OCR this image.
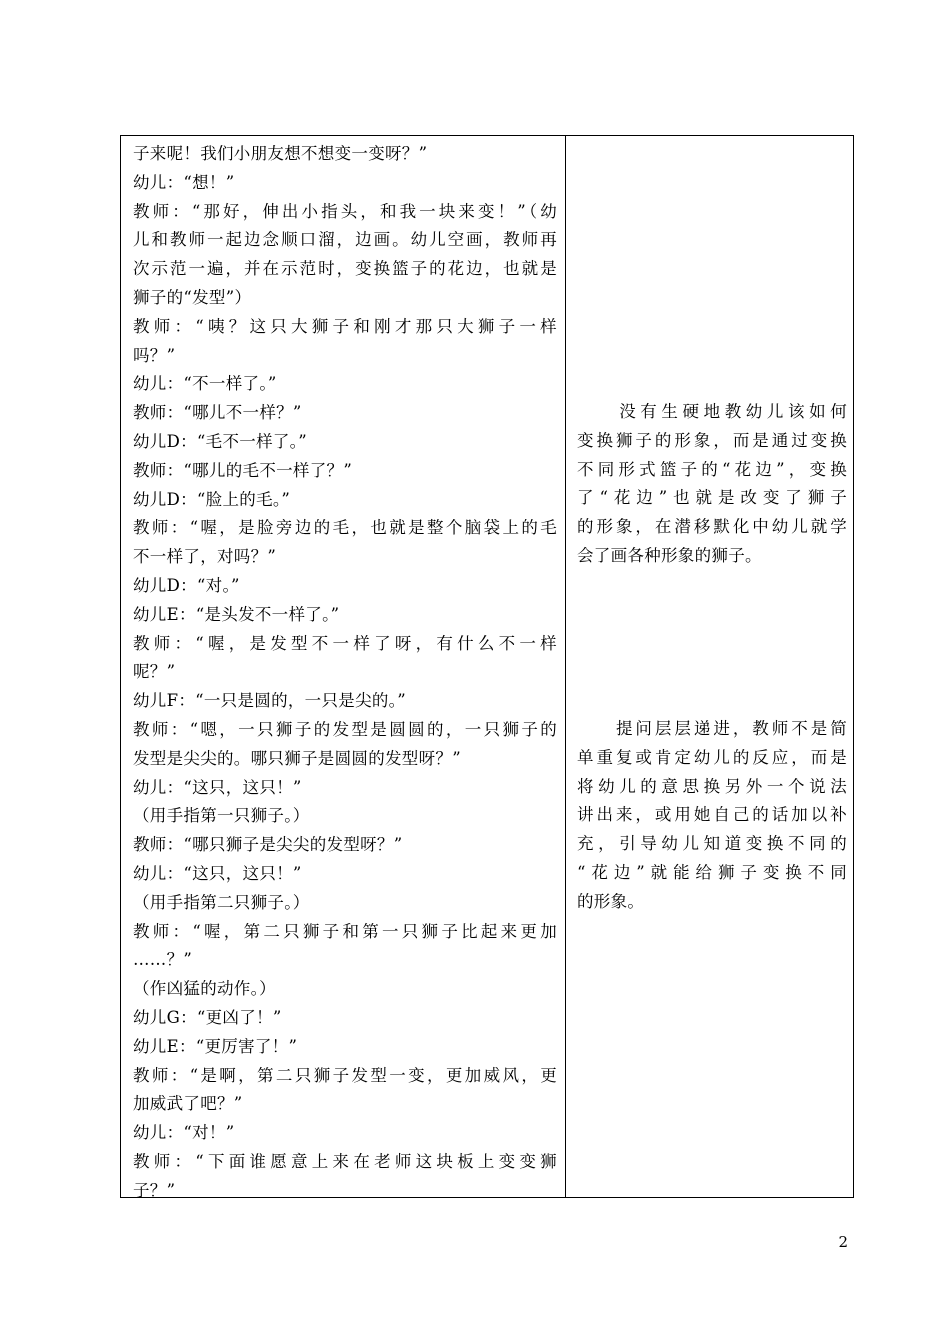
子来呢！我们小朋友想不想变一变呀？”
幼儿：“想！”
教师：“那好，伸出小指头，和我一块来变！”（幼
儿和教师一起边念顺口溜，边画。幼儿空画，教师再
次示范一遍，并在示范时，变换篮子的花边，也就是
狮子的“发型”）
教师：“咦？这只大狮子和刚才那只大狮子一样
吗？”
幼儿：“不一样了。”
教师：“哪儿不一样？”
幼儿D：“毛不一样了。”
教师：“哪儿的毛不一样了？”
幼儿D：“脸上的毛。”
教师：“喔，是脸旁边的毛，也就是整个脑袋上的毛
不一样了，对吗？”
幼儿D：“对。”
幼儿E：“是头发不一样了。”
教师：“喔，是发型不一样了呀，有什么不一样
呢？”
幼儿F：“一只是圆的，一只是尖的。”
教师：“嗯，一只狮子的发型是圆圆的，一只狮子的
发型是尖尖的。哪只狮子是圆圆的发型呀？”
幼儿：“这只，这只！”
（用手指第一只狮子。）
教师：“哪只狮子是尖尖的发型呀？”
幼儿：“这只，这只！”
（用手指第二只狮子。）
教师：“喔，第二只狮子和第一只狮子比起来更加
……？”
（作凶猛的动作。）
幼儿G：“更凶了！”
幼儿E：“更厉害了！”
教师：“是啊，第二只狮子发型一变，更加威风，更
加威武了吧？”
幼儿：“对！”
教师：“下面谁愿意上来在老师这块板上变变狮
子？”
　　没有生硬地教幼儿该如何
变换狮子的形象，而是通过变换
不同形式篮子的“花边”，变换
了“花边”也就是改变了狮子
的形象，在潜移默化中幼儿就学
会了画各种形象的狮子。
　　提问层层递进，教师不是简
单重复或肯定幼儿的反应，而是
将幼儿的意思换另外一个说法
讲出来，或用她自己的话加以补
充，引导幼儿知道变换不同的
“花边”就能给狮子变换不同
的形象。
2
